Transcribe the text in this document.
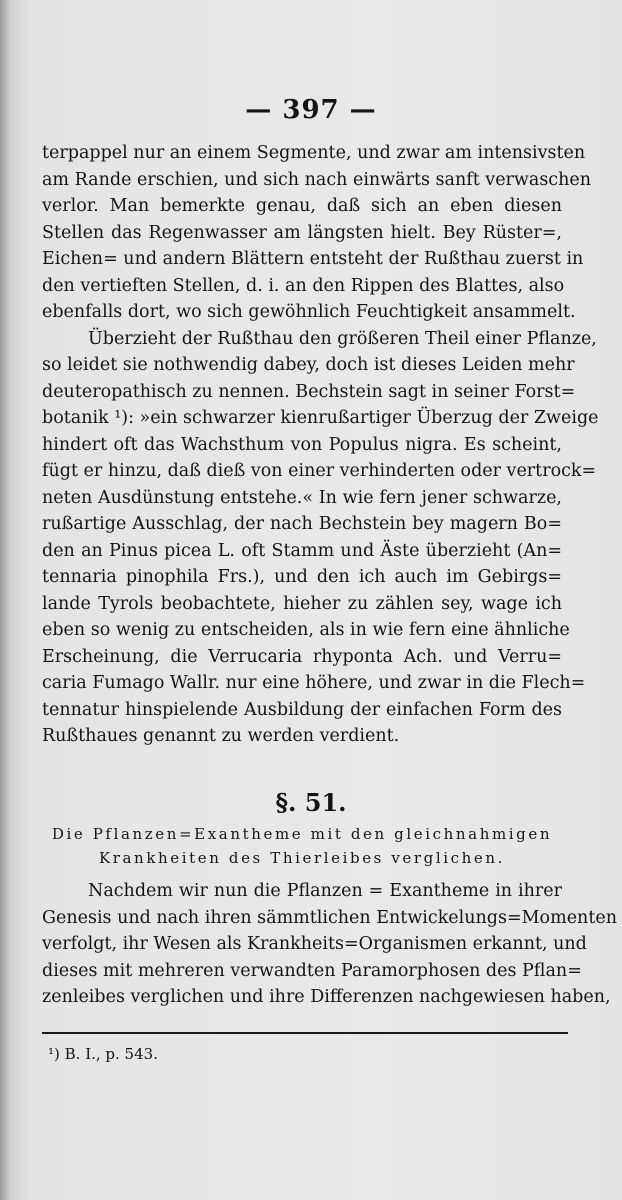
— 397 —

terpappel nur an einem Segmente, und zwar am intensivsten
am Rande erschien, und sich nach einwärts sanft verwaschen
verlor. Man bemerkte genau, daß sich an eben diesen
Stellen das Regenwasser am längsten hielt. Bey Rüster=,
Eichen= und andern Blättern entsteht der Rußthau zuerst in
den vertieften Stellen, d. i. an den Rippen des Blattes, also
ebenfalls dort, wo sich gewöhnlich Feuchtigkeit ansammelt.

Überzieht der Rußthau den größeren Theil einer Pflanze,
so leidet sie nothwendig dabey, doch ist dieses Leiden mehr
deuteropathisch zu nennen. Bechstein sagt in seiner Forst=
botanik ¹): »ein schwarzer kienrußartiger Überzug der Zweige
hindert oft das Wachsthum von Populus nigra. Es scheint,
fügt er hinzu, daß dieß von einer verhinderten oder vertrock=
neten Ausdünstung entstehe.« In wie fern jener schwarze,
rußartige Ausschlag, der nach Bechstein bey magern Bo=
den an Pinus picea L. oft Stamm und Äste überzieht (An=
tennaria pinophila Frs.), und den ich auch im Gebirgs=
lande Tyrols beobachtete, hieher zu zählen sey, wage ich
eben so wenig zu entscheiden, als in wie fern eine ähnliche
Erscheinung, die Verrucaria rhyponta Ach. und Verru=
caria Fumago Wallr. nur eine höhere, und zwar in die Flech=
tennatur hinspielende Ausbildung der einfachen Form des
Rußthaues genannt zu werden verdient.

§. 51.
Die Pflanzen=Exantheme mit den gleichnahmigen
Krankheiten des Thierleibes verglichen.
Nachdem wir nun die Pflanzen = Exantheme in ihrer
Genesis und nach ihren sämmtlichen Entwickelungs=Momenten
verfolgt, ihr Wesen als Krankheits=Organismen erkannt, und
dieses mit mehreren verwandten Paramorphosen des Pflan=
zenleibes verglichen und ihre Differenzen nachgewiesen haben,
¹) B. I., p. 543.
